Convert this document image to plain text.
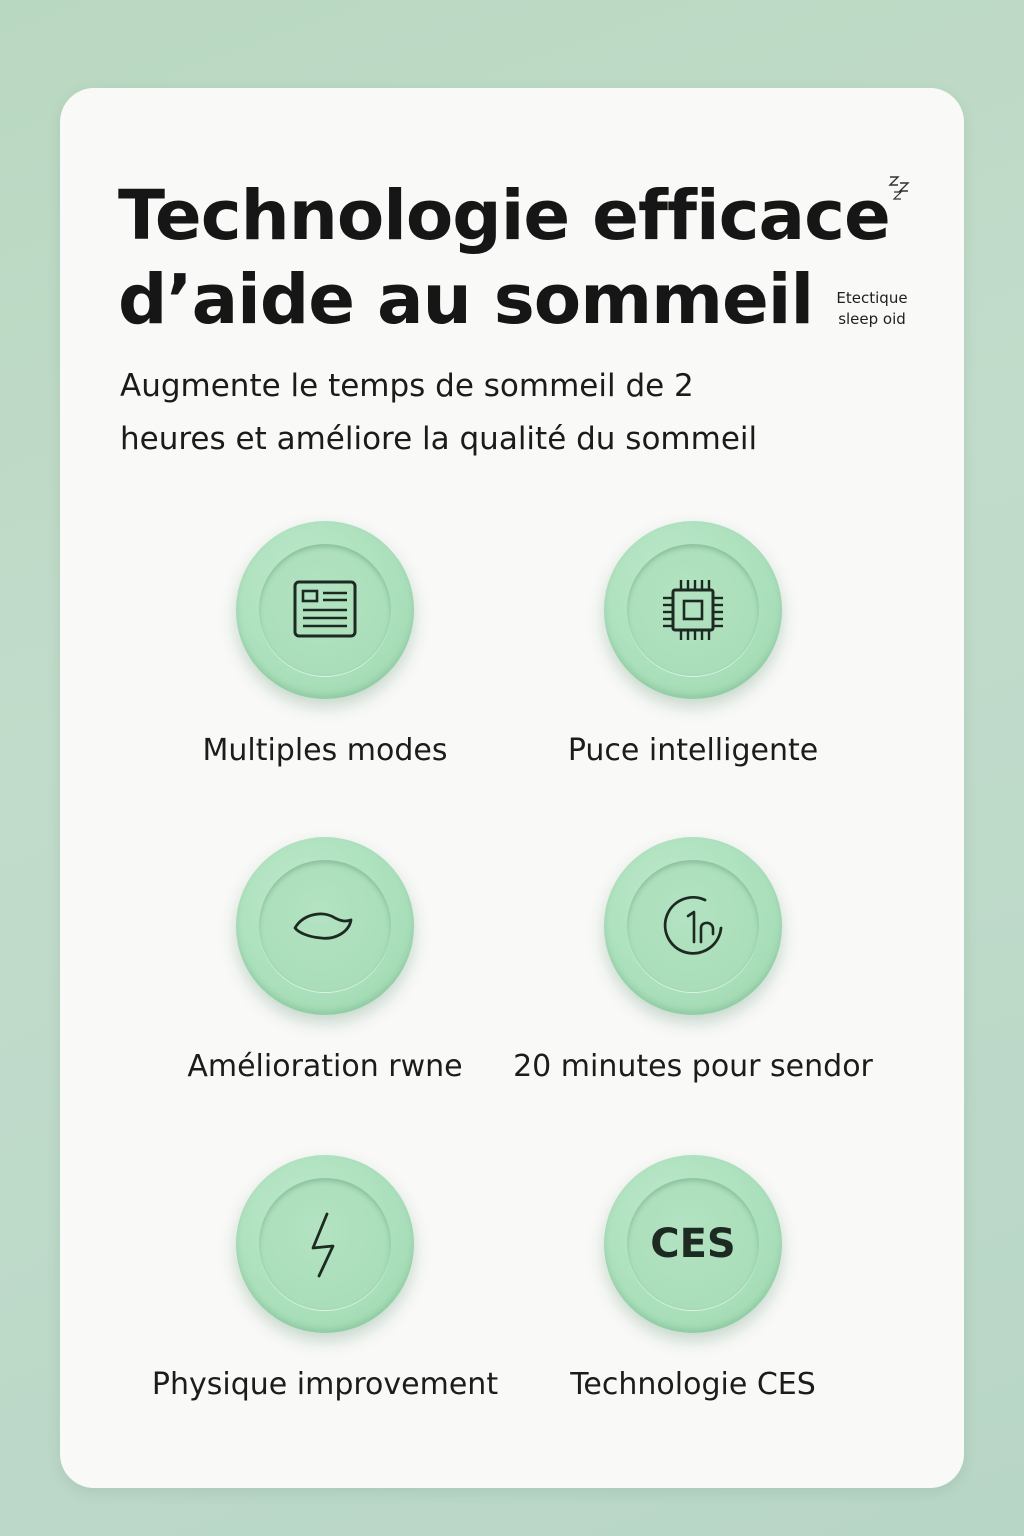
Technologie efficace
d’aide au sommeil	Etectique
sleep oid

Augmente le temps de sommeil de 2
heures et améliore la qualité du sommeil

Multiples modes	Puce intelligente
Amélioration rwne	20 minutes pour sendor
Physique improvement
CES
Technologie CES
